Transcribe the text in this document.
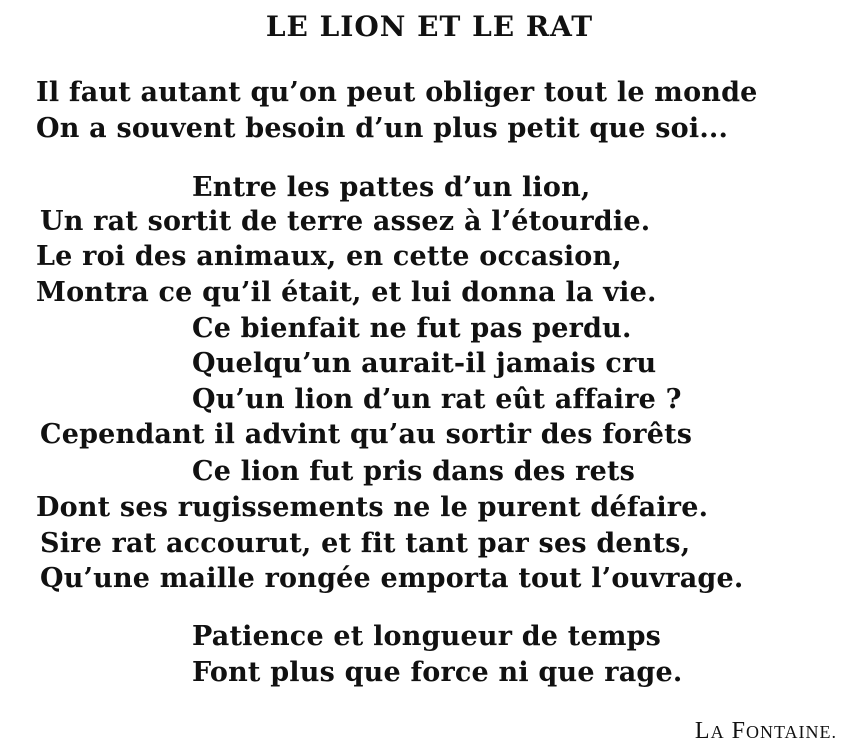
LE LION ET LE RAT
Il faut autant qu’on peut obliger tout le monde
On a souvent besoin d’un plus petit que soi...
Entre les pattes d’un lion,
Un rat sortit de terre assez à l’étourdie.
Le roi des animaux, en cette occasion,
Montra ce qu’il était, et lui donna la vie.
Ce bienfait ne fut pas perdu.
Quelqu’un aurait-il jamais cru
Qu’un lion d’un rat eût affaire ?
Cependant il advint qu’au sortir des forêts
Ce lion fut pris dans des rets
Dont ses rugissements ne le purent défaire.
Sire rat accourut, et fit tant par ses dents,
Qu’une maille rongée emporta tout l’ouvrage.
Patience et longueur de temps
Font plus que force ni que rage.
LA FONTAINE.
